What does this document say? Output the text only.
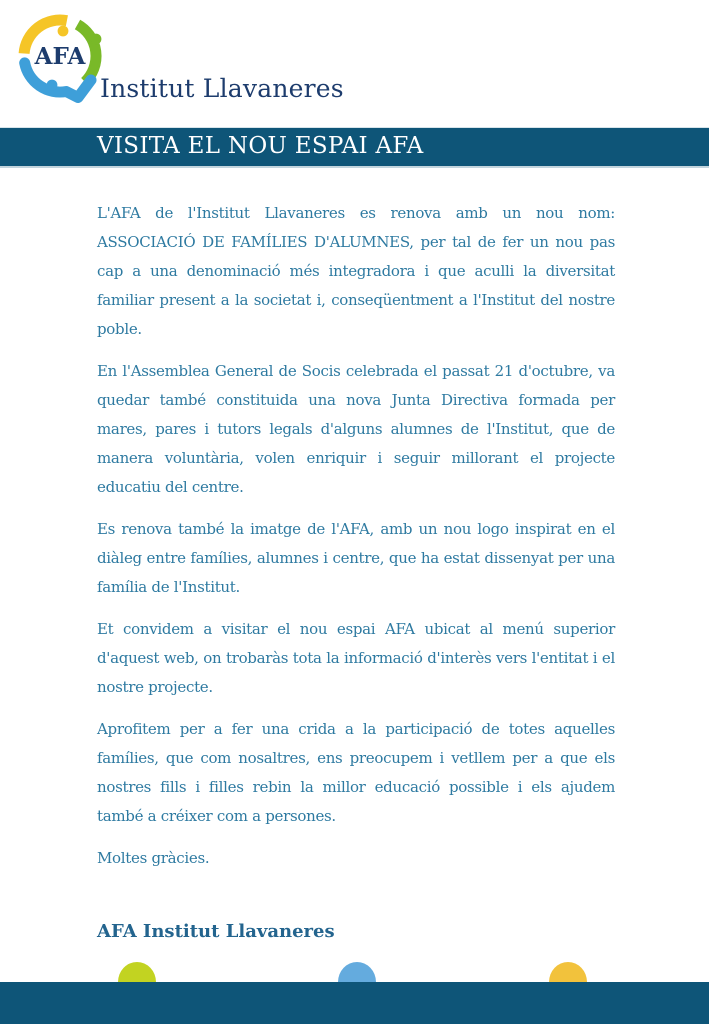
AFA
Institut Llavaneres
VISITA EL NOU ESPAI AFA

L'AFA de l'Institut Llavaneres es renova amb un nou nom: ASSOCIACIÓ DE FAMÍLIES D'ALUMNES, per tal de fer un nou pas cap a una denominació més integradora i que aculli la diversitat familiar present a la societat i, conseqüentment a l'Institut del nostre poble.

En l'Assemblea General de Socis celebrada el passat 21 d'octubre, va quedar també constituida una nova Junta Directiva formada per mares, pares i tutors legals d'alguns alumnes de l'Institut, que de manera voluntària, volen enriquir i seguir millorant el projecte educatiu del centre.

Es renova també la imatge de l'AFA, amb un nou logo inspirat en el diàleg entre famílies, alumnes i centre, que ha estat dissenyat per una família de l'Institut.

Et convidem a visitar el nou espai AFA ubicat al menú superior d'aquest web, on trobaràs tota la informació d'interès vers l'entitat i el nostre projecte.

Aprofitem per a fer una crida a la participació de totes aquelles famílies, que com nosaltres, ens preocupem i vetllem per a que els nostres fills i filles rebin la millor educació possible i els ajudem també a créixer com a persones.

Moltes gràcies.

AFA Institut Llavaneres
